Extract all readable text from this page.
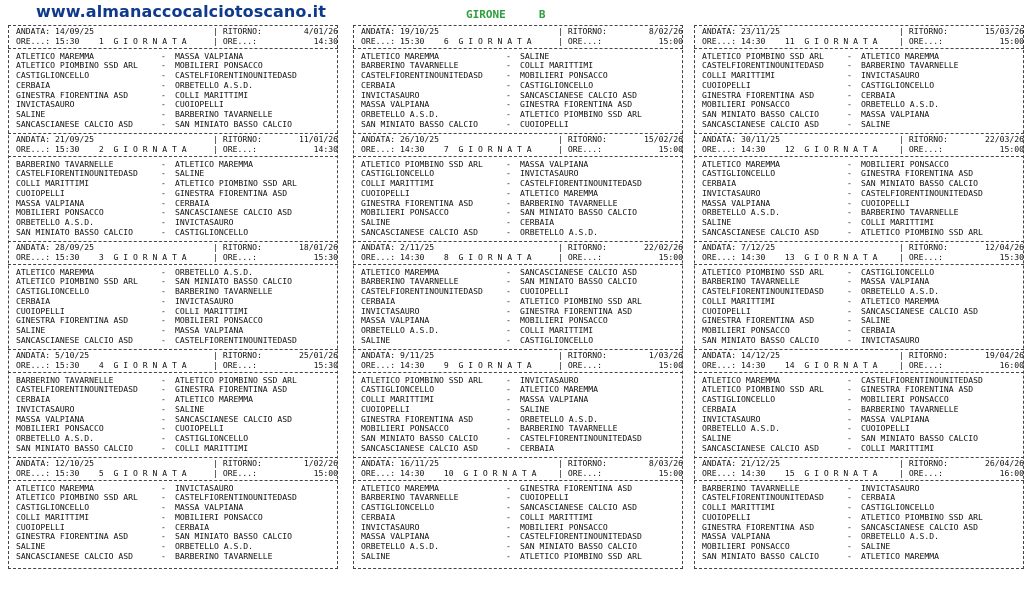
www.almanaccocalciotoscano.it	GIRONE     B
ANDATA: 14/09/25	| RITORNO:	4/01/26
ORE...: 15:30 1  G I O R N A T A	| ORE...:	14:30
ATLETICO MAREMMA	-	MASSA VALPIANA
ATLETICO PIOMBINO SSD ARL	-	MOBILIERI PONSACCO
CASTIGLIONCELLO	-	CASTELFIORENTINOUNITEDASD
CERBAIA	-	ORBETELLO A.S.D.
GINESTRA FIORENTINA ASD	-	COLLI MARITTIMI
INVICTASAURO	-	CUOIOPELLI
SALINE	-	BARBERINO TAVARNELLE
SANCASCIANESE CALCIO ASD	-	SAN MINIATO BASSO CALCIO
ANDATA: 21/09/25	| RITORNO:	11/01/26
ORE...: 15:30 2  G I O R N A T A	| ORE...:	14:30
BARBERINO TAVARNELLE	-	ATLETICO MAREMMA
CASTELFIORENTINOUNITEDASD	-	SALINE
COLLI MARITTIMI	-	ATLETICO PIOMBINO SSD ARL
CUOIOPELLI	-	GINESTRA FIORENTINA ASD
MASSA VALPIANA	-	CERBAIA
MOBILIERI PONSACCO	-	SANCASCIANESE CALCIO ASD
ORBETELLO A.S.D.	-	INVICTASAURO
SAN MINIATO BASSO CALCIO	-	CASTIGLIONCELLO
ANDATA: 28/09/25	| RITORNO:	18/01/26
ORE...: 15:30 3  G I O R N A T A	| ORE...:	15:30
ATLETICO MAREMMA	-	ORBETELLO A.S.D.
ATLETICO PIOMBINO SSD ARL	-	SAN MINIATO BASSO CALCIO
CASTIGLIONCELLO	-	BARBERINO TAVARNELLE
CERBAIA	-	INVICTASAURO
CUOIOPELLI	-	COLLI MARITTIMI
GINESTRA FIORENTINA ASD	-	MOBILIERI PONSACCO
SALINE	-	MASSA VALPIANA
SANCASCIANESE CALCIO ASD	-	CASTELFIORENTINOUNITEDASD
ANDATA: 5/10/25	| RITORNO:	25/01/26
ORE...: 15:30 4  G I O R N A T A	| ORE...:	15:30
BARBERINO TAVARNELLE	-	ATLETICO PIOMBINO SSD ARL
CASTELFIORENTINOUNITEDASD	-	GINESTRA FIORENTINA ASD
CERBAIA	-	ATLETICO MAREMMA
INVICTASAURO	-	SALINE
MASSA VALPIANA	-	SANCASCIANESE CALCIO ASD
MOBILIERI PONSACCO	-	CUOIOPELLI
ORBETELLO A.S.D.	-	CASTIGLIONCELLO
SAN MINIATO BASSO CALCIO	-	COLLI MARITTIMI
ANDATA: 12/10/25	| RITORNO:	1/02/26
ORE...: 15:30 5  G I O R N A T A	| ORE...:	15:00
ATLETICO MAREMMA	-	INVICTASAURO
ATLETICO PIOMBINO SSD ARL	-	CASTELFIORENTINOUNITEDASD
CASTIGLIONCELLO	-	MASSA VALPIANA
COLLI MARITTIMI	-	MOBILIERI PONSACCO
CUOIOPELLI	-	CERBAIA
GINESTRA FIORENTINA ASD	-	SAN MINIATO BASSO CALCIO
SALINE	-	ORBETELLO A.S.D.
SANCASCIANESE CALCIO ASD	-	BARBERINO TAVARNELLE
ANDATA: 19/10/25	| RITORNO:	8/02/26
ORE...: 15:30 6  G I O R N A T A	| ORE...:	15:00
ATLETICO MAREMMA	-	SALINE
BARBERINO TAVARNELLE	-	COLLI MARITTIMI
CASTELFIORENTINOUNITEDASD	-	MOBILIERI PONSACCO
CERBAIA	-	CASTIGLIONCELLO
INVICTASAURO	-	SANCASCIANESE CALCIO ASD
MASSA VALPIANA	-	GINESTRA FIORENTINA ASD
ORBETELLO A.S.D.	-	ATLETICO PIOMBINO SSD ARL
SAN MINIATO BASSO CALCIO	-	CUOIOPELLI
ANDATA: 26/10/25	| RITORNO:	15/02/26
ORE...: 14:30 7  G I O R N A T A	| ORE...:	15:00
ATLETICO PIOMBINO SSD ARL	-	MASSA VALPIANA
CASTIGLIONCELLO	-	INVICTASAURO
COLLI MARITTIMI	-	CASTELFIORENTINOUNITEDASD
CUOIOPELLI	-	ATLETICO MAREMMA
GINESTRA FIORENTINA ASD	-	BARBERINO TAVARNELLE
MOBILIERI PONSACCO	-	SAN MINIATO BASSO CALCIO
SALINE	-	CERBAIA
SANCASCIANESE CALCIO ASD	-	ORBETELLO A.S.D.
ANDATA: 2/11/25	| RITORNO:	22/02/26
ORE...: 14:30 8  G I O R N A T A	| ORE...:	15:00
ATLETICO MAREMMA	-	SANCASCIANESE CALCIO ASD
BARBERINO TAVARNELLE	-	SAN MINIATO BASSO CALCIO
CASTELFIORENTINOUNITEDASD	-	CUOIOPELLI
CERBAIA	-	ATLETICO PIOMBINO SSD ARL
INVICTASAURO	-	GINESTRA FIORENTINA ASD
MASSA VALPIANA	-	MOBILIERI PONSACCO
ORBETELLO A.S.D.	-	COLLI MARITTIMI
SALINE	-	CASTIGLIONCELLO
ANDATA: 9/11/25	| RITORNO:	1/03/26
ORE...: 14:30 9  G I O R N A T A	| ORE...:	15:00
ATLETICO PIOMBINO SSD ARL	-	INVICTASAURO
CASTIGLIONCELLO	-	ATLETICO MAREMMA
COLLI MARITTIMI	-	MASSA VALPIANA
CUOIOPELLI	-	SALINE
GINESTRA FIORENTINA ASD	-	ORBETELLO A.S.D.
MOBILIERI PONSACCO	-	BARBERINO TAVARNELLE
SAN MINIATO BASSO CALCIO	-	CASTELFIORENTINOUNITEDASD
SANCASCIANESE CALCIO ASD	-	CERBAIA
ANDATA: 16/11/25	| RITORNO:	8/03/26
ORE...: 14:30 10  G I O R N A T A	| ORE...:	15:00
ATLETICO MAREMMA	-	GINESTRA FIORENTINA ASD
BARBERINO TAVARNELLE	-	CUOIOPELLI
CASTIGLIONCELLO	-	SANCASCIANESE CALCIO ASD
CERBAIA	-	COLLI MARITTIMI
INVICTASAURO	-	MOBILIERI PONSACCO
MASSA VALPIANA	-	CASTELFIORENTINOUNITEDASD
ORBETELLO A.S.D.	-	SAN MINIATO BASSO CALCIO
SALINE	-	ATLETICO PIOMBINO SSD ARL
ANDATA: 23/11/25	| RITORNO:	15/03/26
ORE...: 14:30 11  G I O R N A T A	| ORE...:	15:00
ATLETICO PIOMBINO SSD ARL	-	ATLETICO MAREMMA
CASTELFIORENTINOUNITEDASD	-	BARBERINO TAVARNELLE
COLLI MARITTIMI	-	INVICTASAURO
CUOIOPELLI	-	CASTIGLIONCELLO
GINESTRA FIORENTINA ASD	-	CERBAIA
MOBILIERI PONSACCO	-	ORBETELLO A.S.D.
SAN MINIATO BASSO CALCIO	-	MASSA VALPIANA
SANCASCIANESE CALCIO ASD	-	SALINE
ANDATA: 30/11/25	| RITORNO:	22/03/26
ORE...: 14:30 12  G I O R N A T A	| ORE...:	15:00
ATLETICO MAREMMA	-	MOBILIERI PONSACCO
CASTIGLIONCELLO	-	GINESTRA FIORENTINA ASD
CERBAIA	-	SAN MINIATO BASSO CALCIO
INVICTASAURO	-	CASTELFIORENTINOUNITEDASD
MASSA VALPIANA	-	CUOIOPELLI
ORBETELLO A.S.D.	-	BARBERINO TAVARNELLE
SALINE	-	COLLI MARITTIMI
SANCASCIANESE CALCIO ASD	-	ATLETICO PIOMBINO SSD ARL
ANDATA: 7/12/25	| RITORNO:	12/04/26
ORE...: 14:30 13  G I O R N A T A	| ORE...:	15:30
ATLETICO PIOMBINO SSD ARL	-	CASTIGLIONCELLO
BARBERINO TAVARNELLE	-	MASSA VALPIANA
CASTELFIORENTINOUNITEDASD	-	ORBETELLO A.S.D.
COLLI MARITTIMI	-	ATLETICO MAREMMA
CUOIOPELLI	-	SANCASCIANESE CALCIO ASD
GINESTRA FIORENTINA ASD	-	SALINE
MOBILIERI PONSACCO	-	CERBAIA
SAN MINIATO BASSO CALCIO	-	INVICTASAURO
ANDATA: 14/12/25	| RITORNO:	19/04/26
ORE...: 14:30 14  G I O R N A T A	| ORE...:	16:00
ATLETICO MAREMMA	-	CASTELFIORENTINOUNITEDASD
ATLETICO PIOMBINO SSD ARL	-	GINESTRA FIORENTINA ASD
CASTIGLIONCELLO	-	MOBILIERI PONSACCO
CERBAIA	-	BARBERINO TAVARNELLE
INVICTASAURO	-	MASSA VALPIANA
ORBETELLO A.S.D.	-	CUOIOPELLI
SALINE	-	SAN MINIATO BASSO CALCIO
SANCASCIANESE CALCIO ASD	-	COLLI MARITTIMI
ANDATA: 21/12/25	| RITORNO:	26/04/26
ORE...: 14:30 15  G I O R N A T A	| ORE...:	16:00
BARBERINO TAVARNELLE	-	INVICTASAURO
CASTELFIORENTINOUNITEDASD	-	CERBAIA
COLLI MARITTIMI	-	CASTIGLIONCELLO
CUOIOPELLI	-	ATLETICO PIOMBINO SSD ARL
GINESTRA FIORENTINA ASD	-	SANCASCIANESE CALCIO ASD
MASSA VALPIANA	-	ORBETELLO A.S.D.
MOBILIERI PONSACCO	-	SALINE
SAN MINIATO BASSO CALCIO	-	ATLETICO MAREMMA
